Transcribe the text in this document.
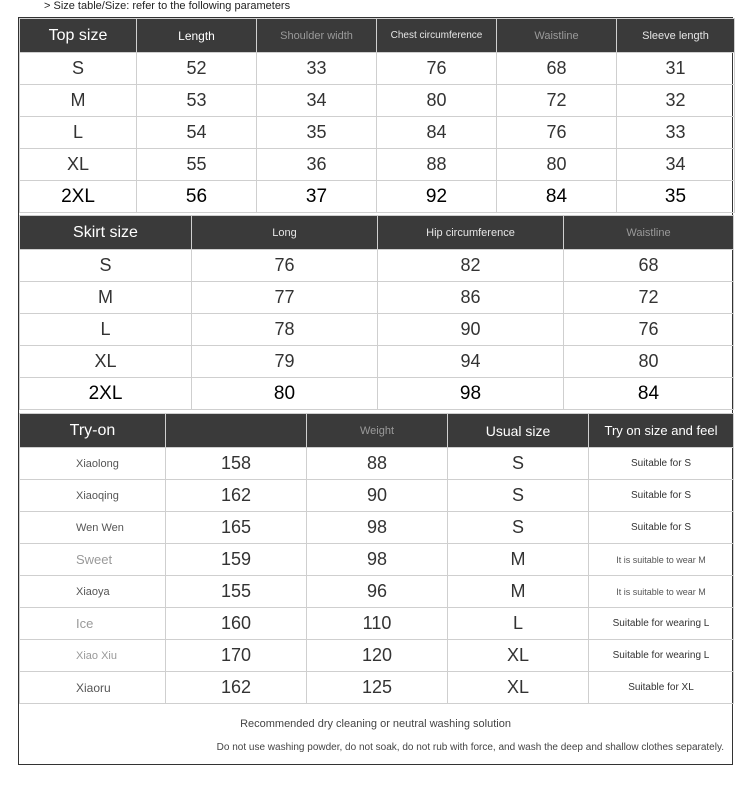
> Size table/Size: refer to the following parameters
Top size	Length	Shoulder width	Chest circumference	Waistline	Sleeve length
S	52	33	76	68	31
M	53	34	80	72	32
L	54	35	84	76	33
XL	55	36	88	80	34
2XL	56	37	92	84	35
Skirt size	Long	Hip circumference	Waistline
S	76	82	68
M	77	86	72
L	78	90	76
XL	79	94	80
2XL	80	98	84
Try-on		Weight	Usual size	Try on size and feel
Xiaolong	158	88	S	Suitable for S
Xiaoqing	162	90	S	Suitable for S
Wen Wen	165	98	S	Suitable for S
Sweet	159	98	M	It is suitable to wear M
Xiaoya	155	96	M	It is suitable to wear M
Ice	160	110	L	Suitable for wearing L
Xiao Xiu	170	120	XL	Suitable for wearing L
Xiaoru	162	125	XL	Suitable for XL
Recommended dry cleaning or neutral washing solution
Do not use washing powder, do not soak, do not rub with force, and wash the deep and shallow clothes separately.
